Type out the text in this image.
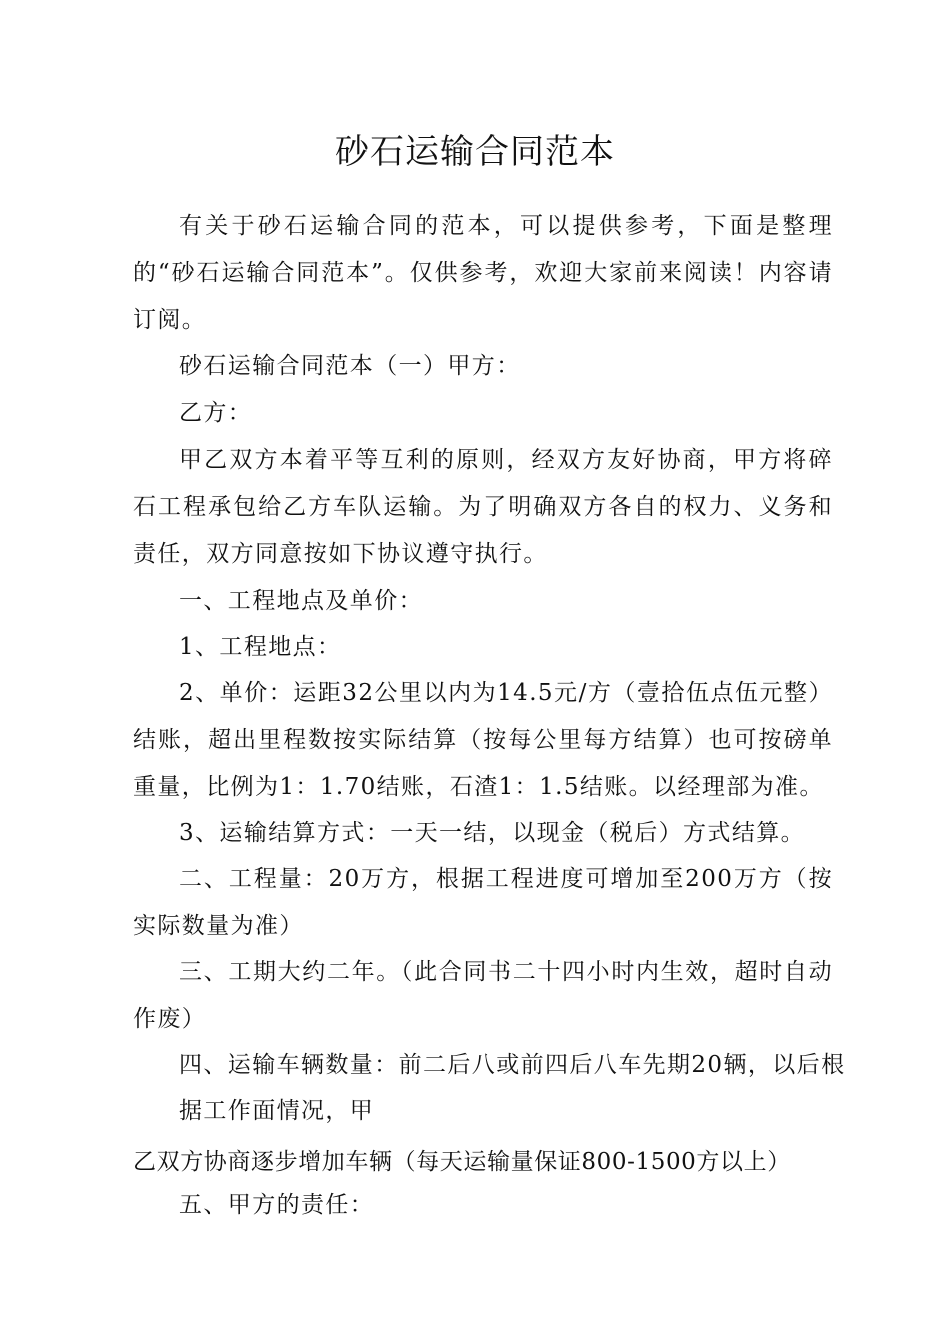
砂石运输合同范本
有关于砂石运输合同的范本，可以提供参考，下面是整理的“砂石运输合同范本”。仅供参考，欢迎大家前来阅读！内容请订阅。
砂石运输合同范本（一）甲方：
乙方：
甲乙双方本着平等互利的原则，经双方友好协商，甲方将碎石工程承包给乙方车队运输。为了明确双方各自的权力、义务和责任，双方同意按如下协议遵守执行。
一、工程地点及单价：
1、工程地点：
2、单价：运距32公里以内为14.5元/方（壹拾伍点伍元整）结账，超出里程数按实际结算（按每公里每方结算）也可按磅单重量，比例为1：1.70结账，石渣1：1.5结账。以经理部为准。
3、运输结算方式：一天一结，以现金（税后）方式结算。
二、工程量：20万方，根据工程进度可增加至200万方（按实际数量为准）
三、工期大约二年。（此合同书二十四小时内生效，超时自动作废）
四、运输车辆数量：前二后八或前四后八车先期20辆，以后根
据工作面情况，甲
乙双方协商逐步增加车辆（每天运输量保证800-1500方以上）
五、甲方的责任：
